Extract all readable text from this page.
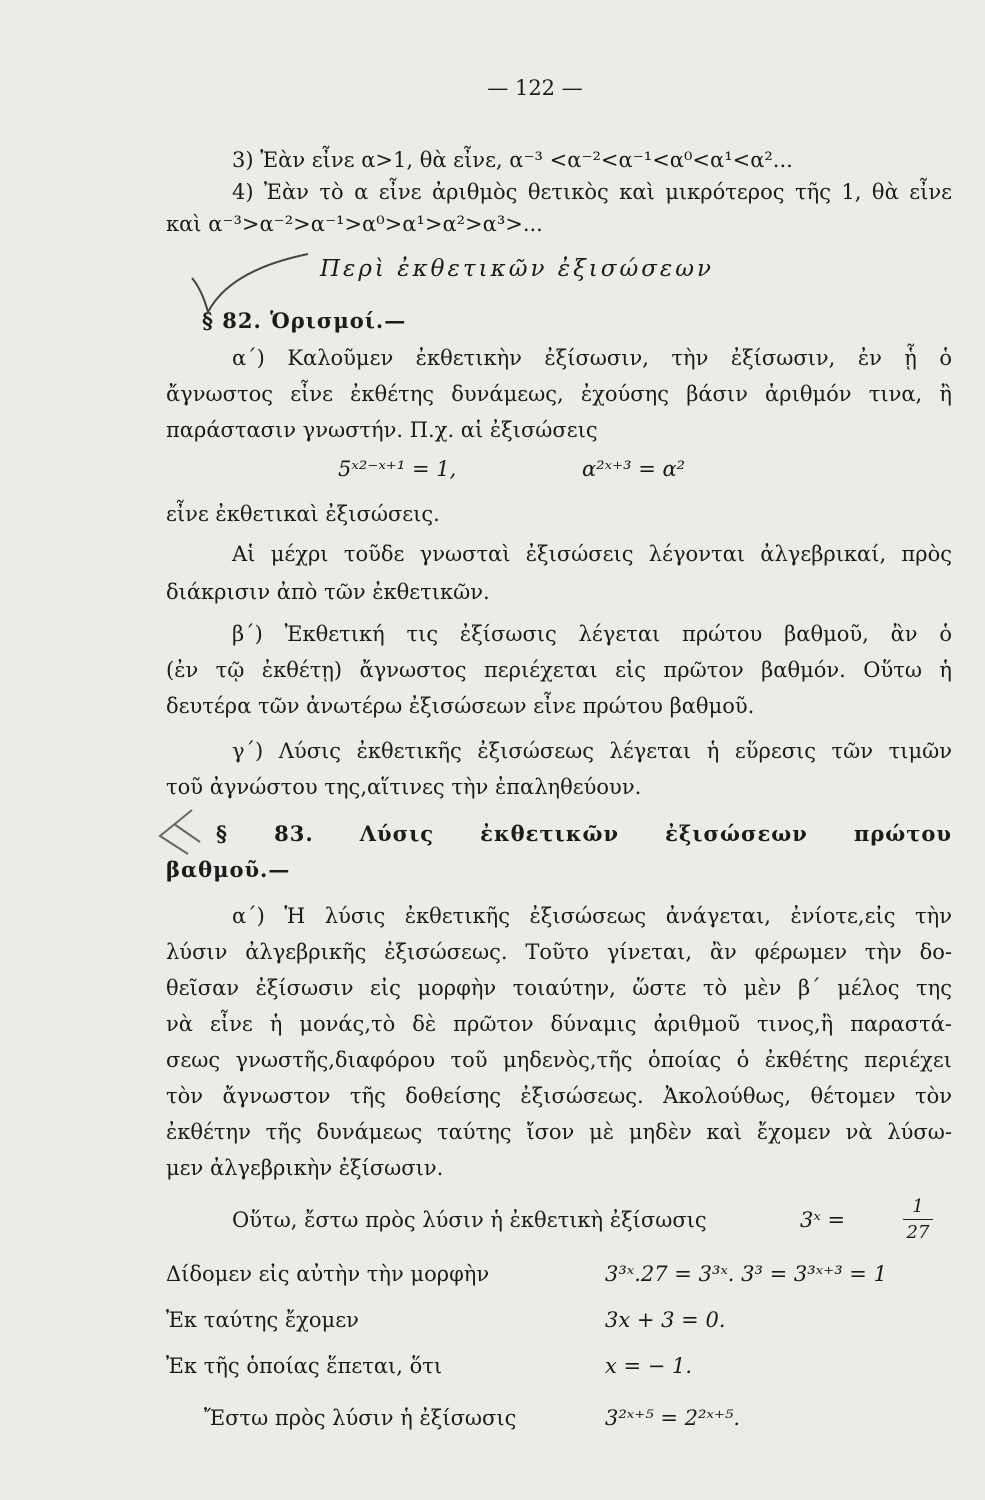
— 122 —
3) Ἐὰν εἶνε α>1, θὰ εἶνε, α⁻³ <α⁻²<α⁻¹<α⁰<α¹<α²...
4) Ἐὰν τὸ α εἶνε ἀριθμὸς θετικὸς καὶ μικρότερος τῆς 1, θὰ εἶνε
καὶ α⁻³>α⁻²>α⁻¹>α⁰>α¹>α²>α³>...
Περὶ ἐκθετικῶν ἐξισώσεων
§ 82. Ὁρισμοί.—
α´) Καλοῦμεν ἐκθετικὴν ἐξίσωσιν, τὴν ἐξίσωσιν, ἐν ᾗ ὁ
ἄγνωστος εἶνε ἐκθέτης δυνάμεως, ἐχούσης βάσιν ἀριθμόν τινα, ἢ
παράστασιν γνωστήν. Π.χ. αἱ ἐξισώσεις
5ˣ²⁻ˣ⁺¹ = 1,	α²ˣ⁺³ = α²
εἶνε ἐκθετικαὶ ἐξισώσεις.
Αἱ μέχρι τοῦδε γνωσταὶ ἐξισώσεις λέγονται ἀλγεβρικαί, πρὸς
διάκρισιν ἀπὸ τῶν ἐκθετικῶν.
β´) Ἐκθετική τις ἐξίσωσις λέγεται πρώτου βαθμοῦ, ἂν ὁ
(ἐν τῷ ἐκθέτῃ) ἄγνωστος περιέχεται εἰς πρῶτον βαθμόν. Οὕτω ἡ
δευτέρα τῶν ἀνωτέρω ἐξισώσεων εἶνε πρώτου βαθμοῦ.
γ´) Λύσις ἐκθετικῆς ἐξισώσεως λέγεται ἡ εὕρεσις τῶν τιμῶν
τοῦ ἀγνώστου της,αἵτινες τὴν ἐπαληθεύουν.
§ 83. Λύσις ἐκθετικῶν ἐξισώσεων πρώτου
βαθμοῦ.—
α´) Ἡ λύσις ἐκθετικῆς ἐξισώσεως ἀνάγεται, ἐνίοτε,εἰς τὴν
λύσιν ἀλγεβρικῆς ἐξισώσεως. Τοῦτο γίνεται, ἂν φέρωμεν τὴν δο-
θεῖσαν ἐξίσωσιν εἰς μορφὴν τοιαύτην, ὥστε τὸ μὲν β´ μέλος της
νὰ εἶνε ἡ μονάς,τὸ δὲ πρῶτον δύναμις ἀριθμοῦ τινος,ἢ παραστά-
σεως γνωστῆς,διαφόρου τοῦ μηδενὸς,τῆς ὁποίας ὁ ἐκθέτης περιέχει
τὸν ἄγνωστον τῆς δοθείσης ἐξισώσεως. Ἀκολούθως, θέτομεν τὸν
ἐκθέτην τῆς δυνάμεως ταύτης ἴσον μὲ μηδὲν καὶ ἔχομεν νὰ λύσω-
μεν ἀλγεβρικὴν ἐξίσωσιν.
Οὕτω, ἔστω πρὸς λύσιν ἡ ἐκθετικὴ ἐξίσωσις	3ˣ =
1
27
Δίδομεν εἰς αὐτὴν τὴν μορφὴν	3³ˣ.27 = 3³ˣ. 3³ = 3³ˣ⁺³ = 1
Ἐκ ταύτης ἔχομεν	3x + 3 = 0.
Ἐκ τῆς ὁποίας ἕπεται, ὅτι	x = − 1.
Ἔστω πρὸς λύσιν ἡ ἐξίσωσις	3²ˣ⁺⁵ = 2²ˣ⁺⁵.
